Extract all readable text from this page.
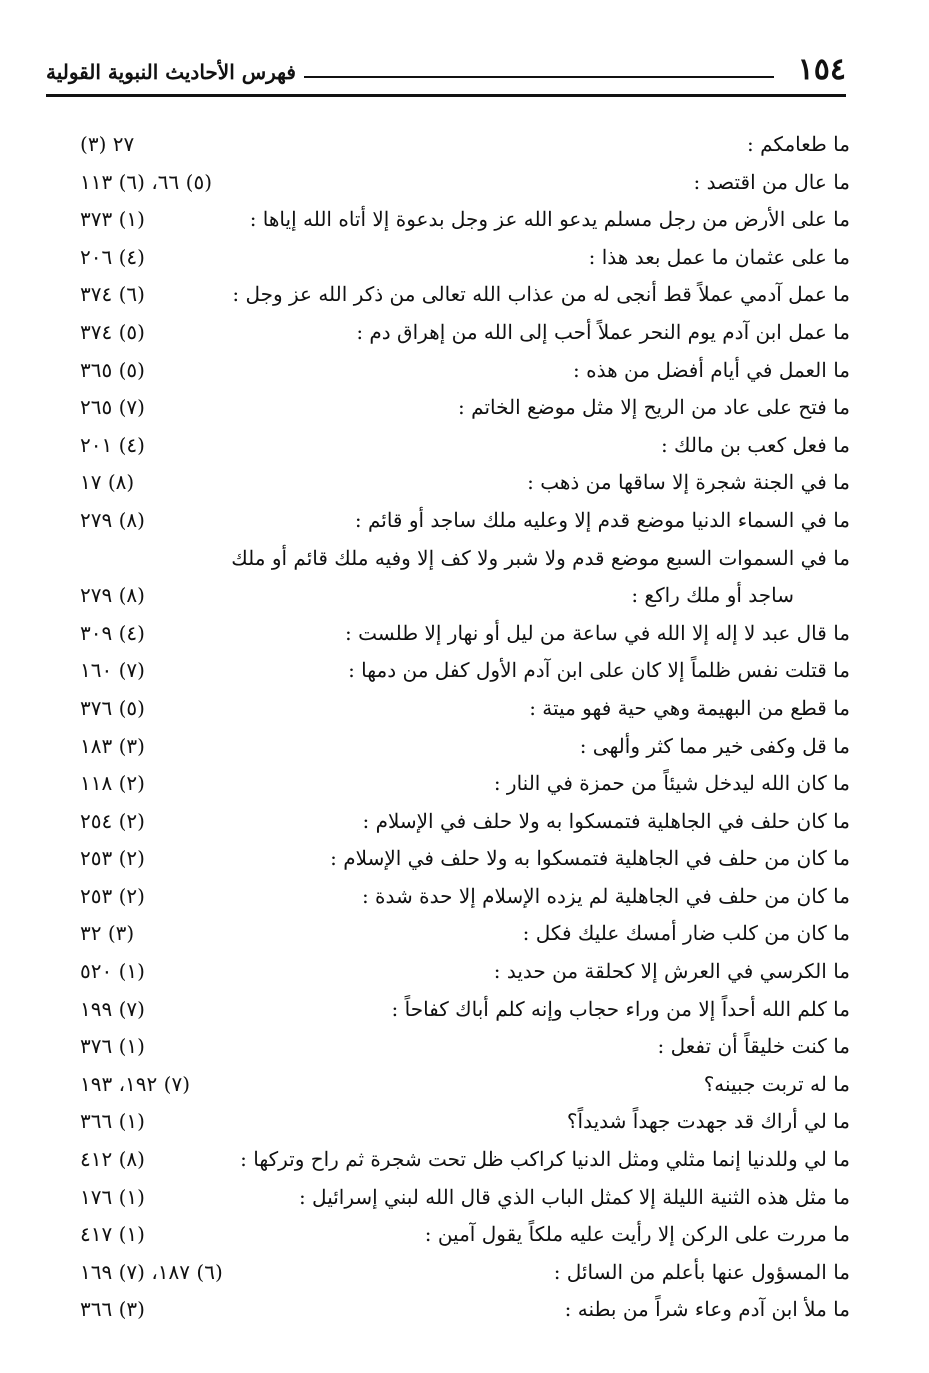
١٥٤
فهرس الأحاديث النبوية القولية
ما طعامكم :
٢٧ (٣)
ما عال من اقتصد :
(٥) ٦٦، (٦) ١١٣
ما على الأرض من رجل مسلم يدعو الله عز وجل بدعوة إلا أتاه الله إياها :
(١) ٣٧٣
ما على عثمان ما عمل بعد هذا :
(٤) ٢٠٦
ما عمل آدمي عملاً قط أنجى له من عذاب الله تعالى من ذكر الله عز وجل :
(٦) ٣٧٤
ما عمل ابن آدم يوم النحر عملاً أحب إلى الله من إهراق دم :
(٥) ٣٧٤
ما العمل في أيام أفضل من هذه :
(٥) ٣٦٥
ما فتح على عاد من الريح إلا مثل موضع الخاتم :
(٧) ٢٦٥
ما فعل كعب بن مالك :
(٤) ٢٠١
ما في الجنة شجرة إلا ساقها من ذهب :
(٨) ١٧
ما في السماء الدنيا موضع قدم إلا وعليه ملك ساجد أو قائم :
(٨) ٢٧٩
ما في السموات السبع موضع قدم ولا شبر ولا كف إلا وفيه ملك قائم أو ملك
ساجد أو ملك راكع :
(٨) ٢٧٩
ما قال عبد لا إله إلا الله في ساعة من ليل أو نهار إلا طلست :
(٤) ٣٠٩
ما قتلت نفس ظلماً إلا كان على ابن آدم الأول كفل من دمها :
(٧) ١٦٠
ما قطع من البهيمة وهي حية فهو ميتة :
(٥) ٣٧٦
ما قل وكفى خير مما كثر وألهى :
(٣) ١٨٣
ما كان الله ليدخل شيئاً من حمزة في النار :
(٢) ١١٨
ما كان حلف في الجاهلية فتمسكوا به ولا حلف في الإسلام :
(٢) ٢٥٤
ما كان من حلف في الجاهلية فتمسكوا به ولا حلف في الإسلام :
(٢) ٢٥٣
ما كان من حلف في الجاهلية لم يزده الإسلام إلا حدة شدة :
(٢) ٢٥٣
ما كان من كلب ضار أمسك عليك فكل :
(٣) ٣٢
ما الكرسي في العرش إلا كحلقة من حديد :
(١) ٥٢٠
ما كلم الله أحداً إلا من وراء حجاب وإنه كلم أباك كفاحاً :
(٧) ١٩٩
ما كنت خليقاً أن تفعل :
(١) ٣٧٦
ما له تربت جبينه؟
(٧) ١٩٢، ١٩٣
ما لي أراك قد جهدت جهداً شديداً؟
(١) ٣٦٦
ما لي وللدنيا إنما مثلي ومثل الدنيا كراكب ظل تحت شجرة ثم راح وتركها :
(٨) ٤١٢
ما مثل هذه الثنية الليلة إلا كمثل الباب الذي قال الله لبني إسرائيل :
(١) ١٧٦
ما مررت على الركن إلا رأيت عليه ملكاً يقول آمين :
(١) ٤١٧
ما المسؤول عنها بأعلم من السائل :
(٦) ١٨٧، (٧) ١٦٩
ما ملأ ابن آدم وعاء شراً من بطنه :
(٣) ٣٦٦
